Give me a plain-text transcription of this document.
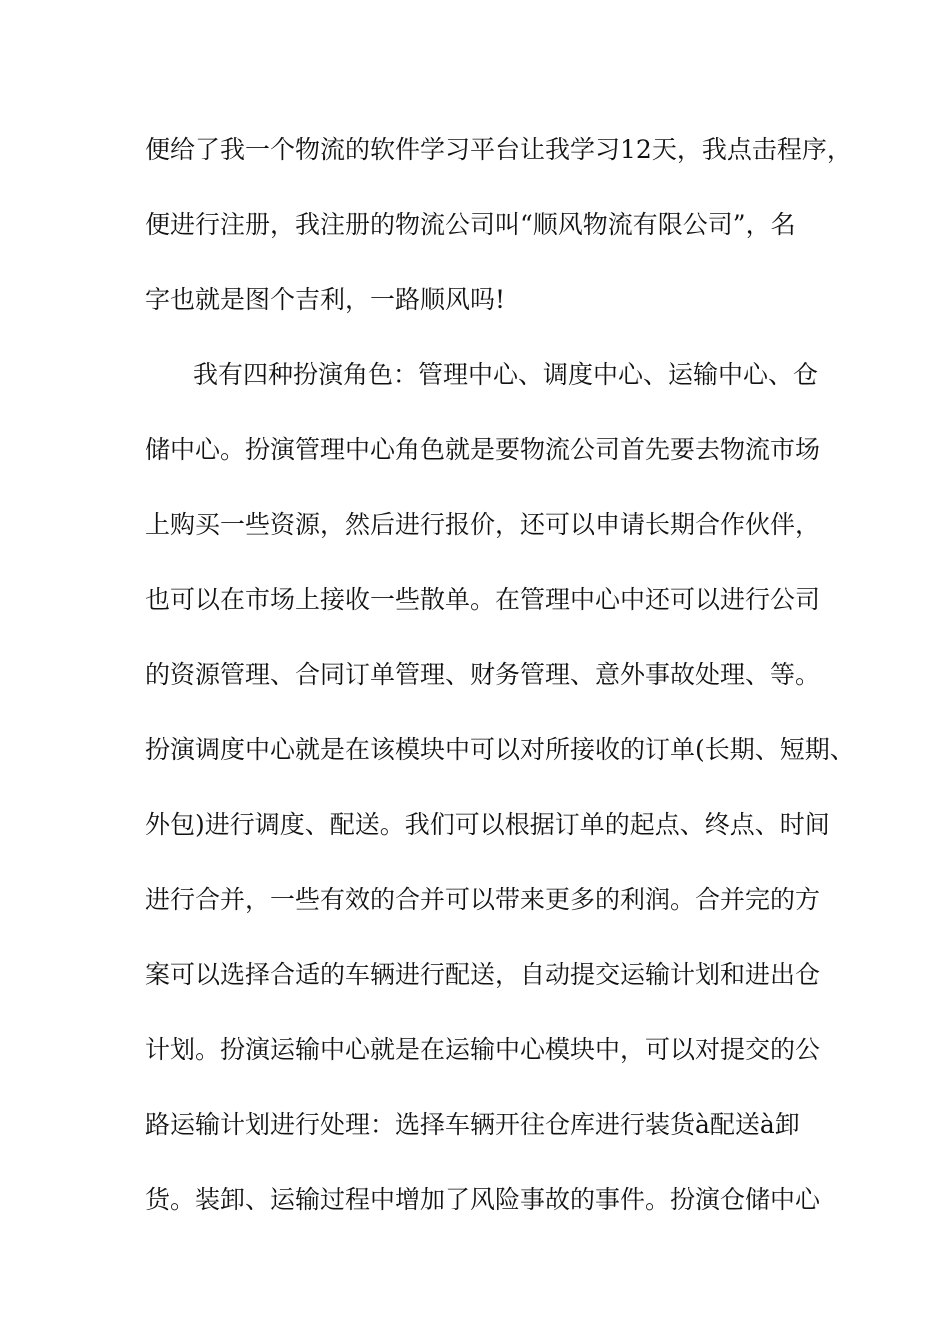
便给了我一个物流的软件学习平台让我学习12天，我点击程序，
便进行注册，我注册的物流公司叫“顺风物流有限公司”，名
字也就是图个吉利，一路顺风吗!
我有四种扮演角色：管理中心、调度中心、运输中心、仓
储中心。扮演管理中心角色就是要物流公司首先要去物流市场
上购买一些资源，然后进行报价，还可以申请长期合作伙伴，
也可以在市场上接收一些散单。在管理中心中还可以进行公司
的资源管理、合同订单管理、财务管理、意外事故处理、等。
扮演调度中心就是在该模块中可以对所接收的订单(长期、短期、
外包)进行调度、配送。我们可以根据订单的起点、终点、时间
进行合并，一些有效的合并可以带来更多的利润。合并完的方
案可以选择合适的车辆进行配送，自动提交运输计划和进出仓
计划。扮演运输中心就是在运输中心模块中，可以对提交的公
路运输计划进行处理：选择车辆开往仓库进行装货à配送à卸
货。装卸、运输过程中增加了风险事故的事件。扮演仓储中心
